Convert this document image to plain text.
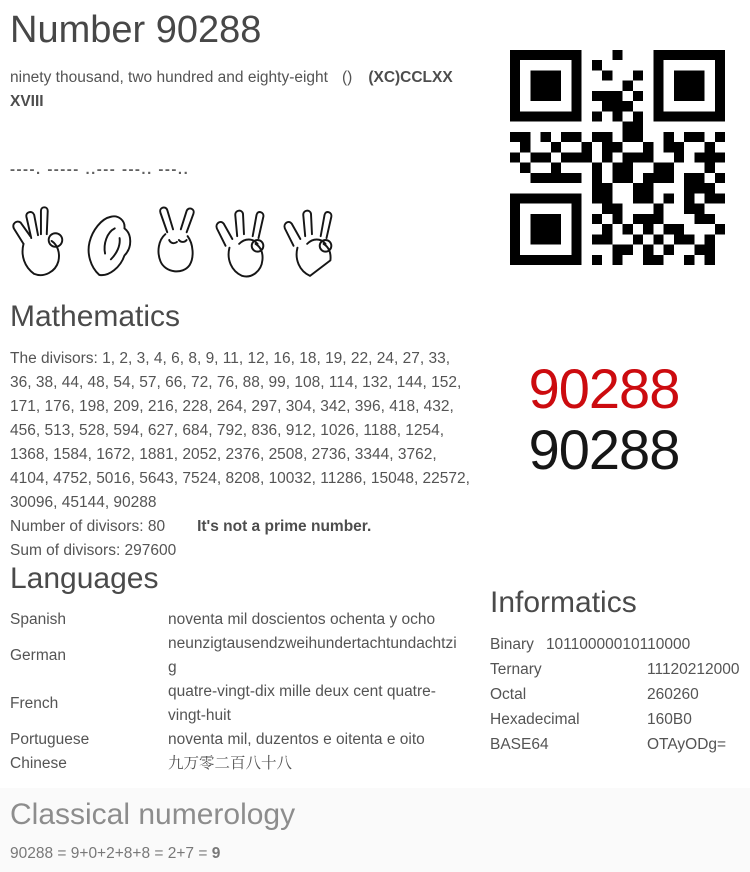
Number 90288
ninety thousand, two hundred and eighty-eight () (XC)CCLXX
XVIII
----. ----- ..--- ---.. ---..
Mathematics
The divisors: 1, 2, 3, 4, 6, 8, 9, 11, 12, 16, 18, 19, 22, 24, 27, 33, 36, 38, 44, 48, 54, 57, 66, 72, 76, 88, 99, 108, 114, 132, 144, 152, 171, 176, 198, 209, 216, 228, 264, 297, 304, 342, 396, 418, 432, 456, 513, 528, 594, 627, 684, 792, 836, 912, 1026, 1188, 1254, 1368, 1584, 1672, 1881, 2052, 2376, 2508, 2736, 3344, 3762, 4104, 4752, 5016, 5643, 7524, 8208, 10032, 11286, 15048, 22572, 30096, 45144, 90288
Number of divisors: 80 It's not a prime number.
Sum of divisors: 297600
90288
90288
Languages
Spanish	noventa mil doscientos ochenta y ocho
German	neunzigtausendzweihundertachtundachtzig
French	quatre-vingt-dix mille deux cent quatre-vingt-huit
Portuguese	noventa mil, duzentos e oitenta e oito
Chinese	九万零二百八十八
Informatics
Binary 10110000010110000
Ternary	11120212000
Octal	260260
Hexadecimal	160B0
BASE64	OTAyODg=
Classical numerology
90288 = 9+0+2+8+8 = 2+7 = 9
